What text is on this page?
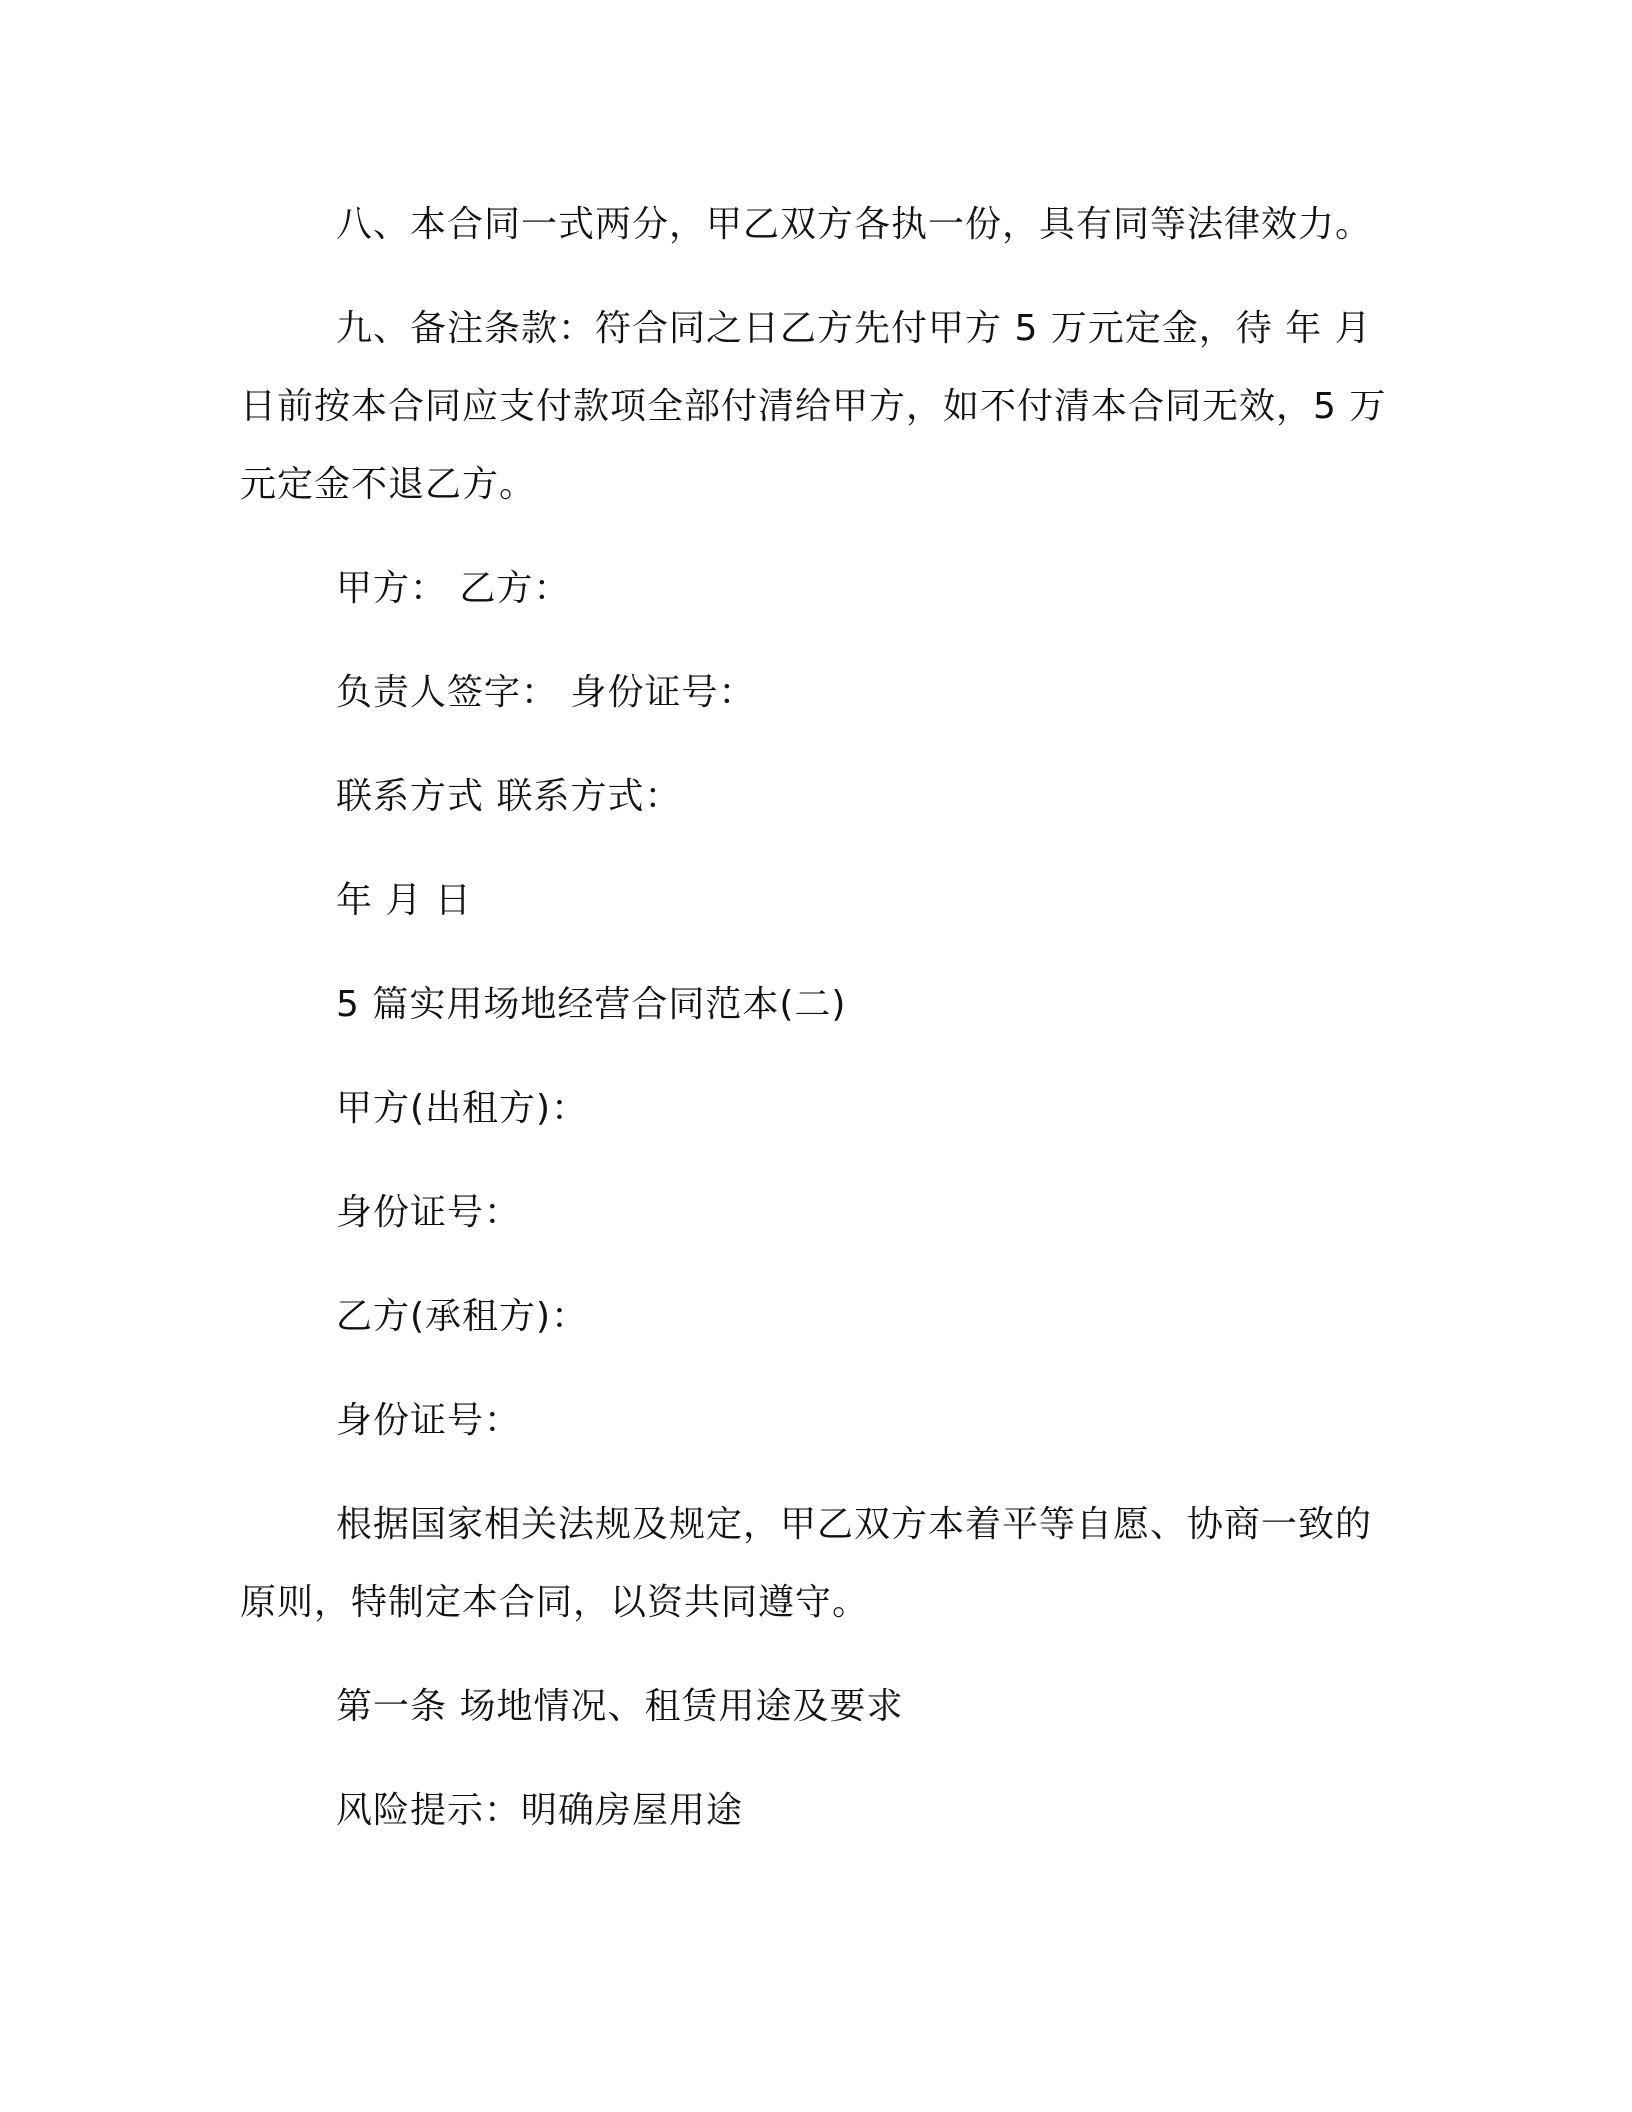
八、本合同一式两分，甲乙双方各执一份，具有同等法律效力。

九、备注条款：符合同之日乙方先付甲方 5 万元定金，待 年 月 日前按本合同应支付款项全部付清给甲方，如不付清本合同无效，5 万元定金不退乙方。

甲方： 乙方：

负责人签字： 身份证号：

联系方式 联系方式：

年 月 日

5 篇实用场地经营合同范本(二)

甲方(出租方)：

身份证号：

乙方(承租方)：

身份证号：

根据国家相关法规及规定，甲乙双方本着平等自愿、协商一致的原则，特制定本合同，以资共同遵守。

第一条 场地情况、租赁用途及要求

风险提示：明确房屋用途
